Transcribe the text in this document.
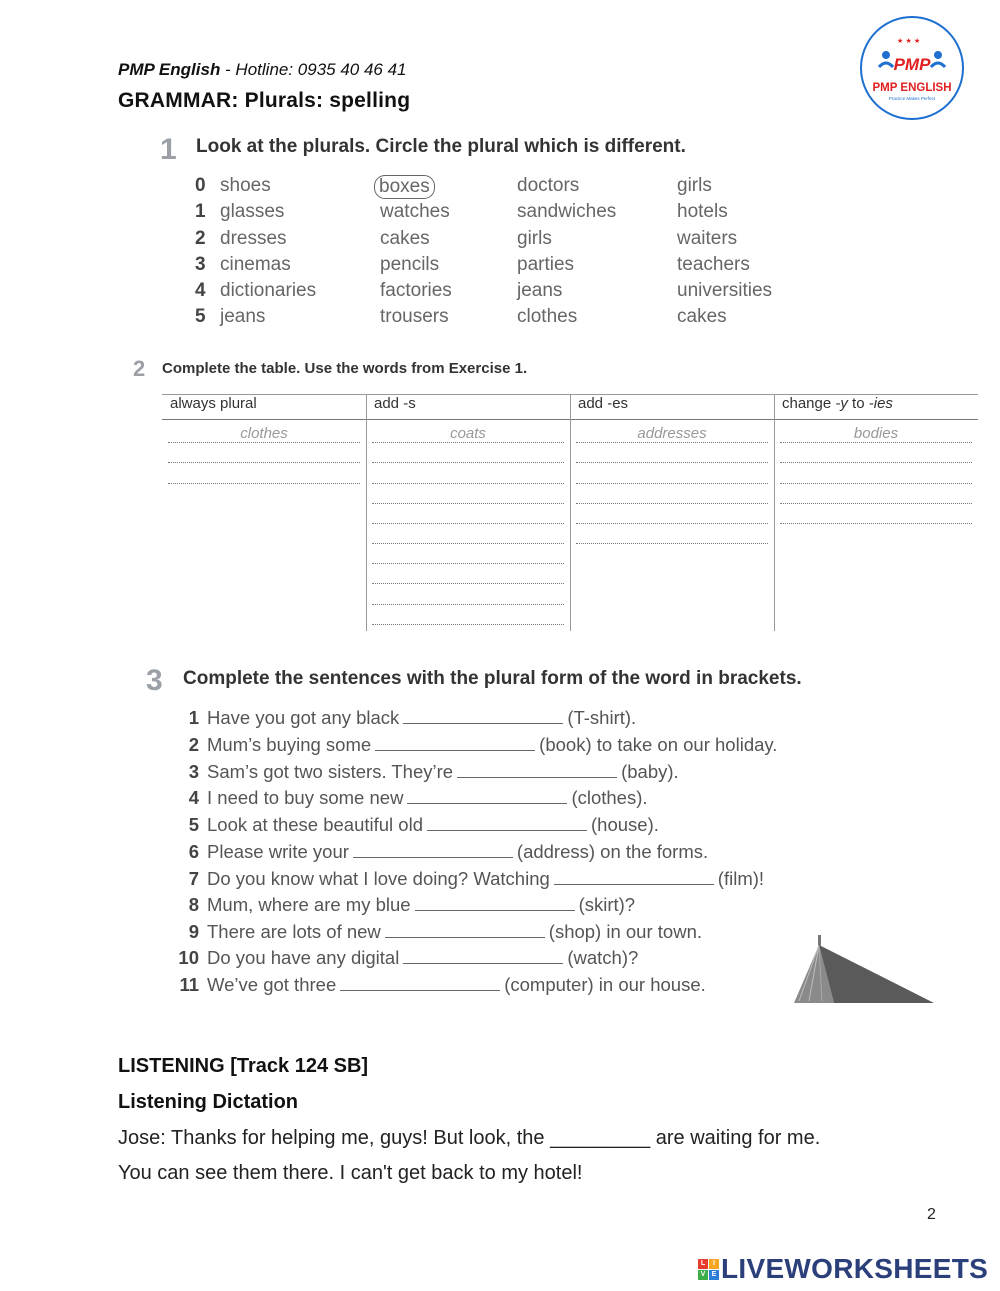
PMP English - Hotline: 0935 40 46 41
GRAMMAR: Plurals: spelling
★ ★ ★
PMP
PMP ENGLISH
Practice Makes Perfect
1 Look at the plurals. Circle the plural which is different.
0 shoes	boxes	doctors	girls
1 glasses	watches	sandwiches	hotels
2 dresses	cakes	girls	waiters
3 cinemas	pencils	parties	teachers
4 dictionaries	factories	jeans	universities
5 jeans	trousers	clothes	cakes
2 Complete the table. Use the words from Exercise 1.
always plural	add -s	add -es	change -y to -ies
clothes	coats	addresses	bodies
3 Complete the sentences with the plural form of the word in brackets.
1 Have you got any black	(T-shirt).
2 Mum’s buying some	(book) to take on our holiday.
3 Sam’s got two sisters. They’re	(baby).
4 I need to buy some new	(clothes).
5 Look at these beautiful old	(house).
6 Please write your	(address) on the forms.
7 Do you know what I love doing? Watching	(film)!
8 Mum, where are my blue	(skirt)?
9 There are lots of new	(shop) in our town.
10 Do you have any digital	(watch)?
11 We’ve got three	(computer) in our house.
LISTENING [Track 124 SB]
Listening Dictation
Jose: Thanks for helping me, guys! But look, the _________ are waiting for me.
You can see them there. I can't get back to my hotel!
2
L	I
V E LIVEWORKSHEETS
